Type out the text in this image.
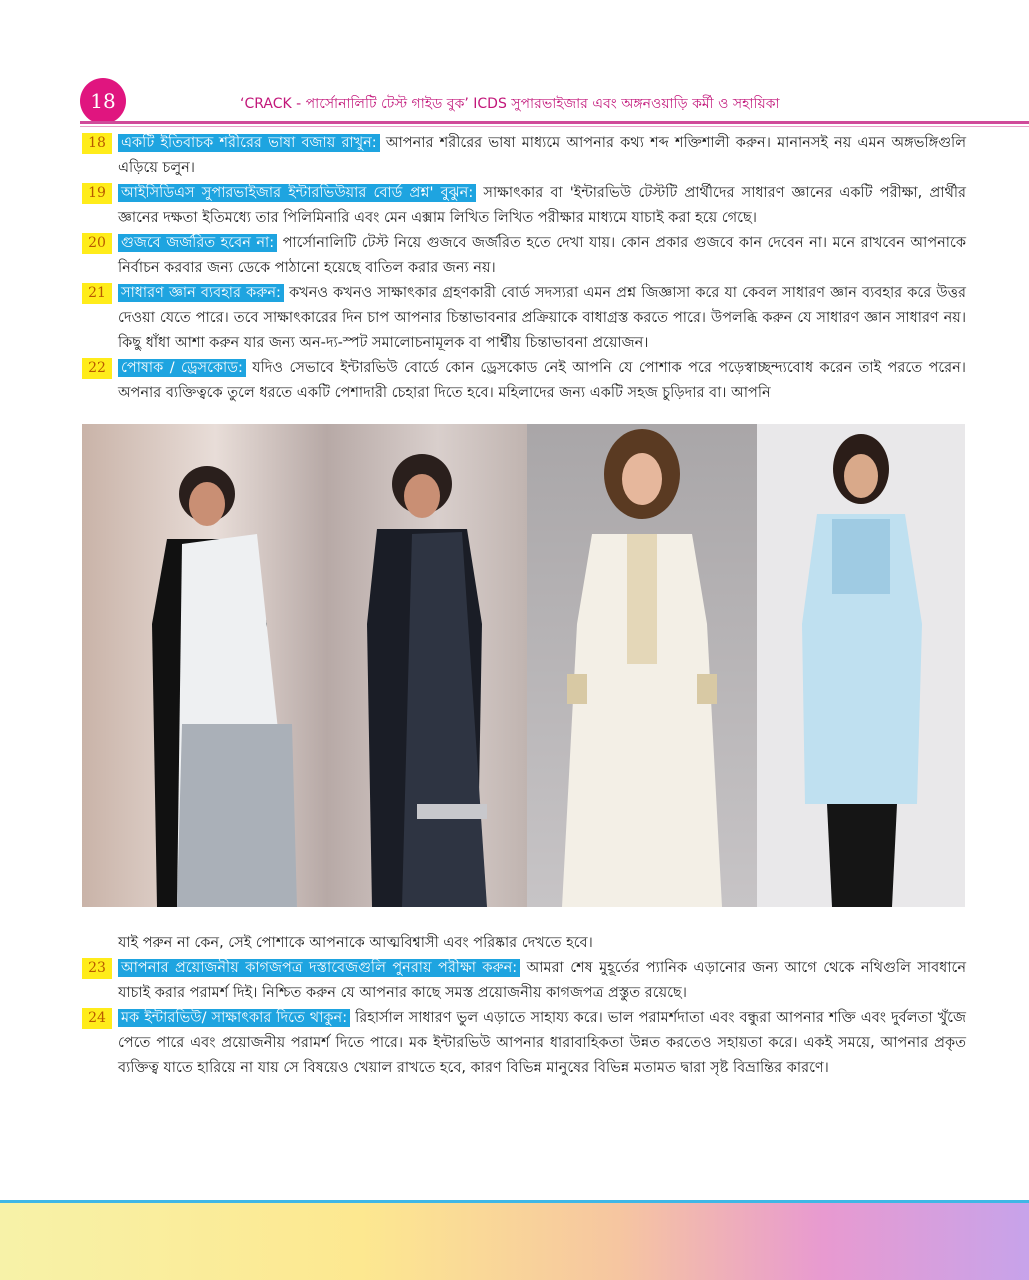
18	‘CRACK - পার্সোনালিটি টেস্ট গাইড বুক’ ICDS সুপারভাইজার এবং অঙ্গনওয়াড়ি কর্মী ও সহায়িকা
18	একটি ইতিবাচক শরীরের ভাষা বজায় রাখুন: আপনার শরীরের ভাষা মাধ্যমে আপনার কথ্য শব্দ শক্তিশালী করুন। মানানসই নয় এমন অঙ্গভঙ্গিগুলি এড়িয়ে চলুন।
19	আইসিডিএস সুপারভাইজার ইন্টারভিউয়ার বোর্ড প্রশ্ন' বুঝুন: সাক্ষাৎকার বা 'ইন্টারভিউ টেস্টটি প্রার্থীদের সাধারণ জ্ঞানের একটি পরীক্ষা, প্রার্থীর জ্ঞানের দক্ষতা ইতিমধ্যে তার পিলিমিনারি এবং মেন এক্সাম লিখিত লিখিত পরীক্ষার মাধ্যমে যাচাই করা হয়ে গেছে।
20	গুজবে জর্জরিত হবেন না: পার্সোনালিটি টেস্ট নিয়ে গুজবে জর্জরিত হতে দেখা যায়। কোন প্রকার গুজবে কান দেবেন না। মনে রাখবেন আপনাকে নির্বাচন করবার জন্য ডেকে পাঠানো হয়েছে বাতিল করার জন্য নয়।
21	সাধারণ জ্ঞান ব্যবহার করুন: কখনও কখনও সাক্ষাৎকার গ্রহণকারী বোর্ড সদস্যরা এমন প্রশ্ন জিজ্ঞাসা করে যা কেবল সাধারণ জ্ঞান ব্যবহার করে উত্তর দেওয়া যেতে পারে। তবে সাক্ষাৎকারের দিন চাপ আপনার চিন্তাভাবনার প্রক্রিয়াকে বাধাগ্রস্ত করতে পারে। উপলব্ধি করুন যে সাধারণ জ্ঞান সাধারণ নয়। কিছু ধাঁধা আশা করুন যার জন্য অন-দ্য-স্পট সমালোচনামূলক বা পার্শ্বীয় চিন্তাভাবনা প্রয়োজন।
22	পোষাক / ড্রেসকোড: যদিও সেভাবে ইন্টারভিউ বোর্ডে কোন ড্রেসকোড নেই আপনি যে পোশাক পরে পড়েস্বাচ্ছন্দ্যবোধ করেন তাই পরতে পরেন। অপনার ব্যক্তিত্বকে তুলে ধরতে একটি পেশাদারী চেহারা দিতে হবে। মহিলাদের জন্য একটি সহজ চুড়িদার বা। আপনি
যাই পরুন না কেন, সেই পোশাকে আপনাকে আত্মবিশ্বাসী এবং পরিষ্কার দেখতে হবে।
23	আপনার প্রয়োজনীয় কাগজপত্র দস্তাবেজগুলি পুনরায় পরীক্ষা করুন: আমরা শেষ মুহূর্তের প্যানিক এড়ানোর জন্য আগে থেকে নথিগুলি সাবধানে যাচাই করার পরামর্শ দিই। নিশ্চিত করুন যে আপনার কাছে সমস্ত প্রয়োজনীয় কাগজপত্র প্রস্তুত রয়েছে।
24	মক ইন্টারভিউ/ সাক্ষাৎকার দিতে থাকুন: রিহার্সাল সাধারণ ভুল এড়াতে সাহায্য করে। ভাল পরামর্শদাতা এবং বন্ধুরা আপনার শক্তি এবং দুর্বলতা খুঁজে পেতে পারে এবং প্রয়োজনীয় পরামর্শ দিতে পারে। মক ইন্টারভিউ আপনার ধারাবাহিকতা উন্নত করতেও সহায়তা করে। একই সময়ে, আপনার প্রকৃত ব্যক্তিত্ব যাতে হারিয়ে না যায় সে বিষয়েও খেয়াল রাখতে হবে, কারণ বিভিন্ন মানুষের বিভিন্ন মতামত দ্বারা সৃষ্ট বিভ্রান্তির কারণে।
